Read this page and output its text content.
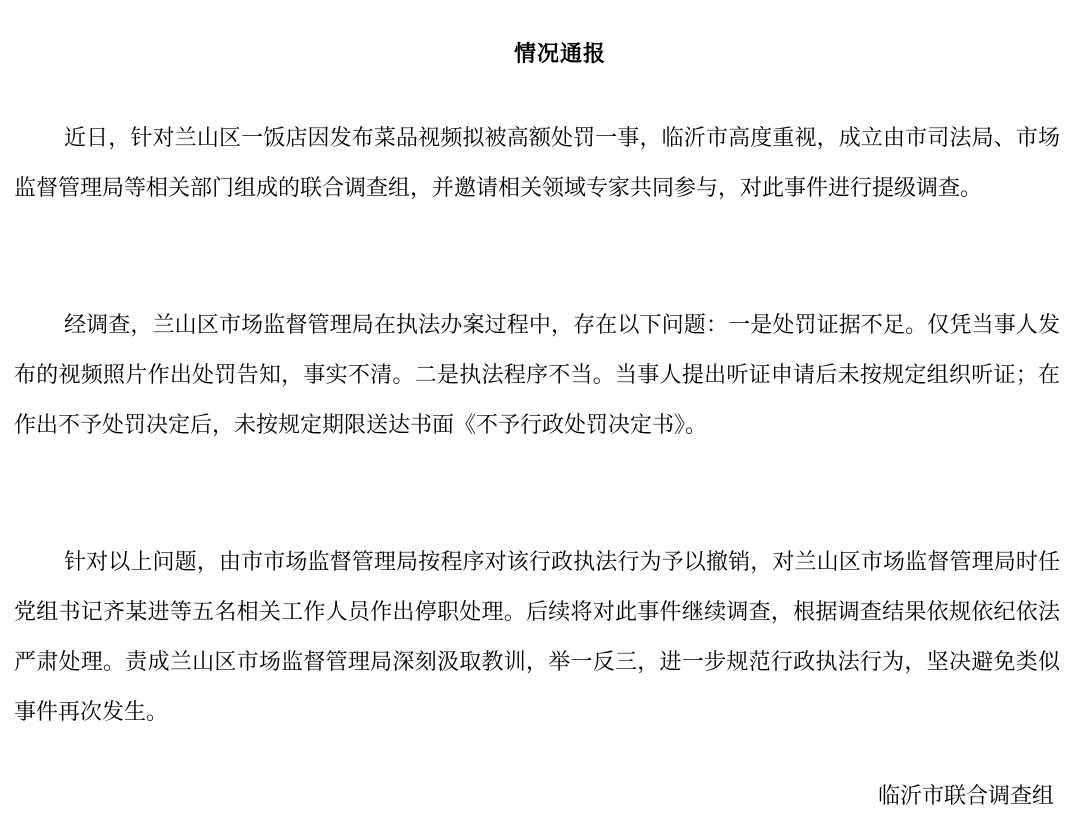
情况通报

近日，针对兰山区一饭店因发布菜品视频拟被高额处罚一事，临沂市高度重视，成立由市司法局、市场监督管理局等相关部门组成的联合调查组，并邀请相关领域专家共同参与，对此事件进行提级调查。

经调查，兰山区市场监督管理局在执法办案过程中，存在以下问题：一是处罚证据不足。仅凭当事人发布的视频照片作出处罚告知，事实不清。二是执法程序不当。当事人提出听证申请后未按规定组织听证；在作出不予处罚决定后，未按规定期限送达书面《不予行政处罚决定书》。

针对以上问题，由市市场监督管理局按程序对该行政执法行为予以撤销，对兰山区市场监督管理局时任党组书记齐某进等五名相关工作人员作出停职处理。后续将对此事件继续调查，根据调查结果依规依纪依法严肃处理。责成兰山区市场监督管理局深刻汲取教训，举一反三，进一步规范行政执法行为，坚决避免类似事件再次发生。

临沂市联合调查组
